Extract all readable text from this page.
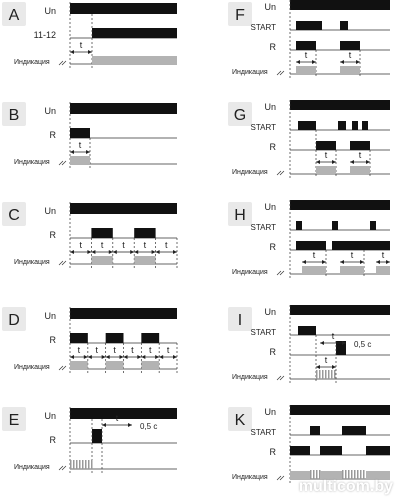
A	Un
11-12
Индикация
t
B	Un
R
Индикация
t
C	Un
R
Индикация
t t t t t
D	Un
R
Индикация
t t t t t t
E	Un
R
Индикация
t
0,5 c
F Un
START
R
Индикация
t	t
G Un
START
R
Индикация
t	t
H Un
START
R
Индикация
t	t	t
I Un
START
R
Индикация
t
t
0,5 c
K Un
START
R
Индикация
multicom.by
